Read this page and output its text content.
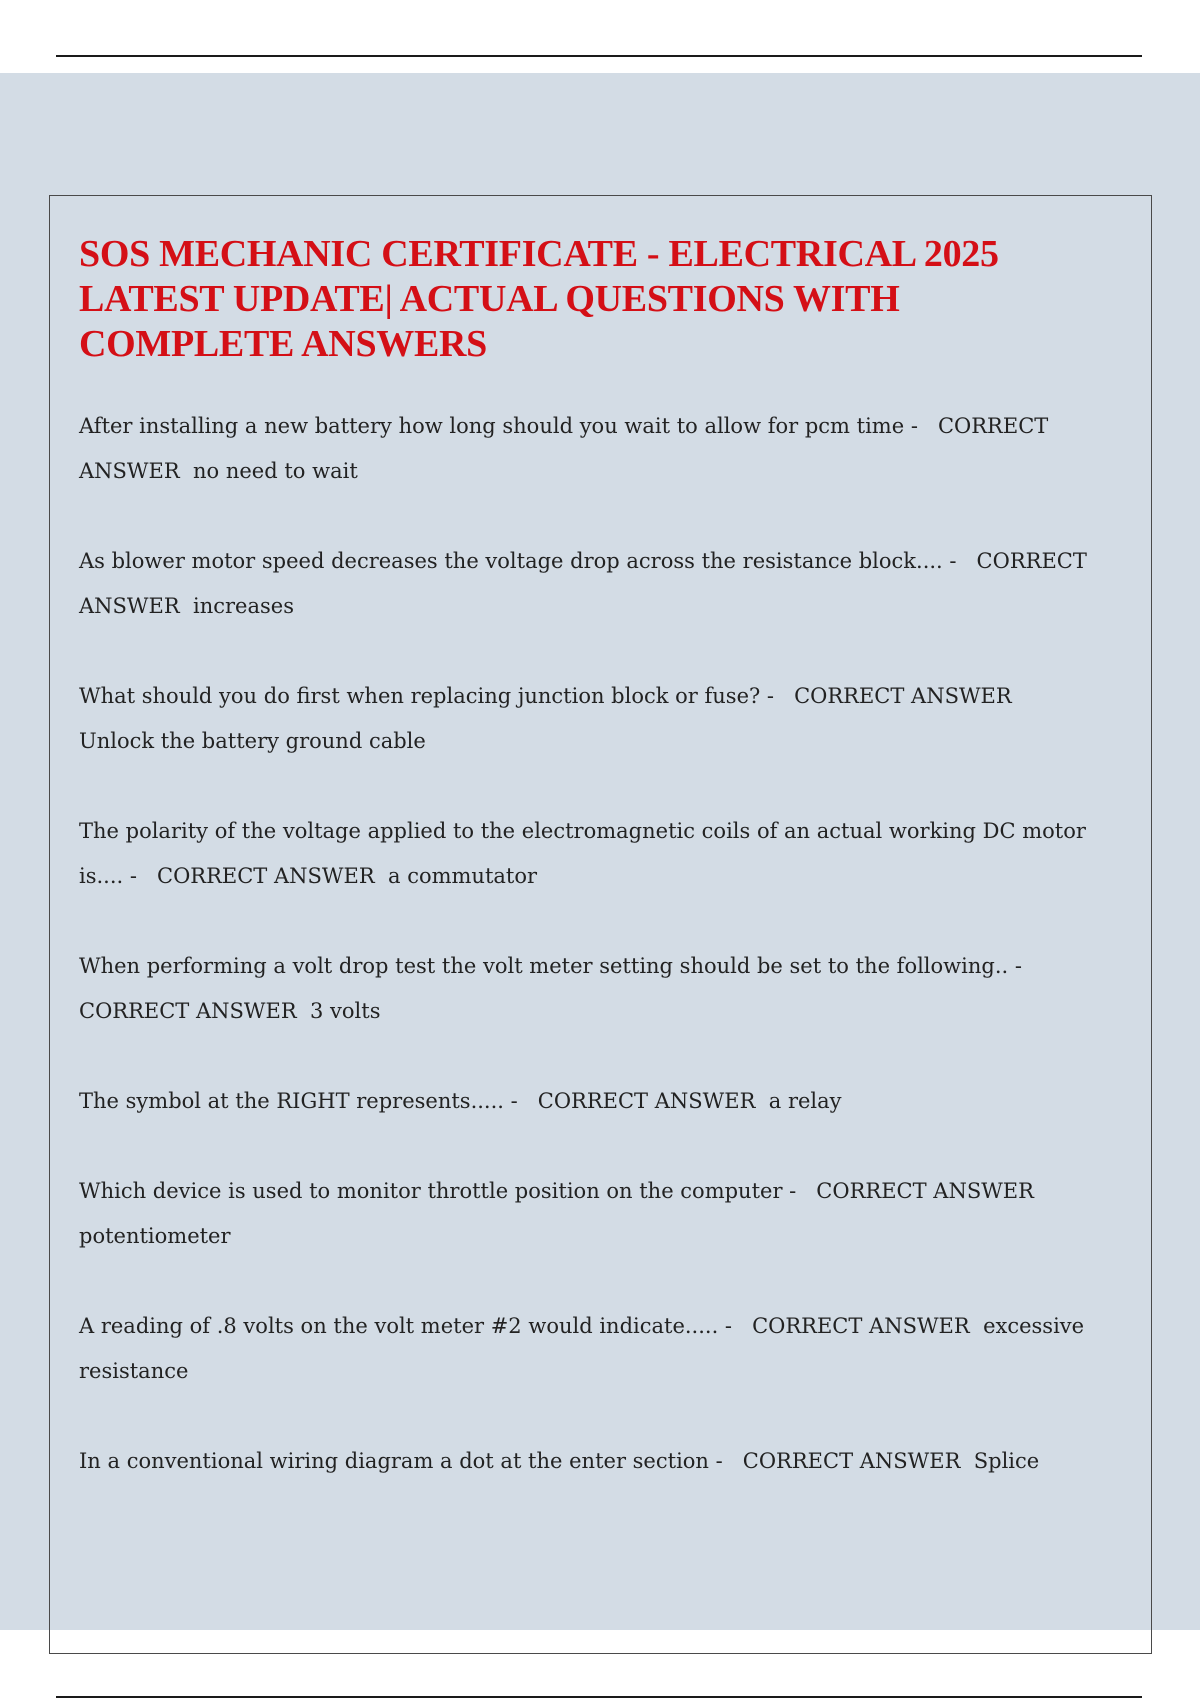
SOS MECHANIC CERTIFICATE - ELECTRICAL 2025 LATEST UPDATE| ACTUAL QUESTIONS WITH COMPLETE ANSWERS
After installing a new battery how long should you wait to allow for pcm time - CORRECT ANSWER no need to wait
As blower motor speed decreases the voltage drop across the resistance block.... - CORRECT ANSWER increases
What should you do first when replacing junction block or fuse? - CORRECT ANSWER  Unlock the battery ground cable
The polarity of the voltage applied to the electromagnetic coils of an actual working DC motor is.... - CORRECT ANSWER a commutator
When performing a volt drop test the volt meter setting should be set to the following.. -   CORRECT ANSWER 3 volts
The symbol at the RIGHT represents..... - CORRECT ANSWER a relay
Which device is used to monitor throttle position on the computer - CORRECT ANSWER  potentiometer
A reading of .8 volts on the volt meter #2 would indicate..... - CORRECT ANSWER excessive resistance
In a conventional wiring diagram a dot at the enter section - CORRECT ANSWER Splice
